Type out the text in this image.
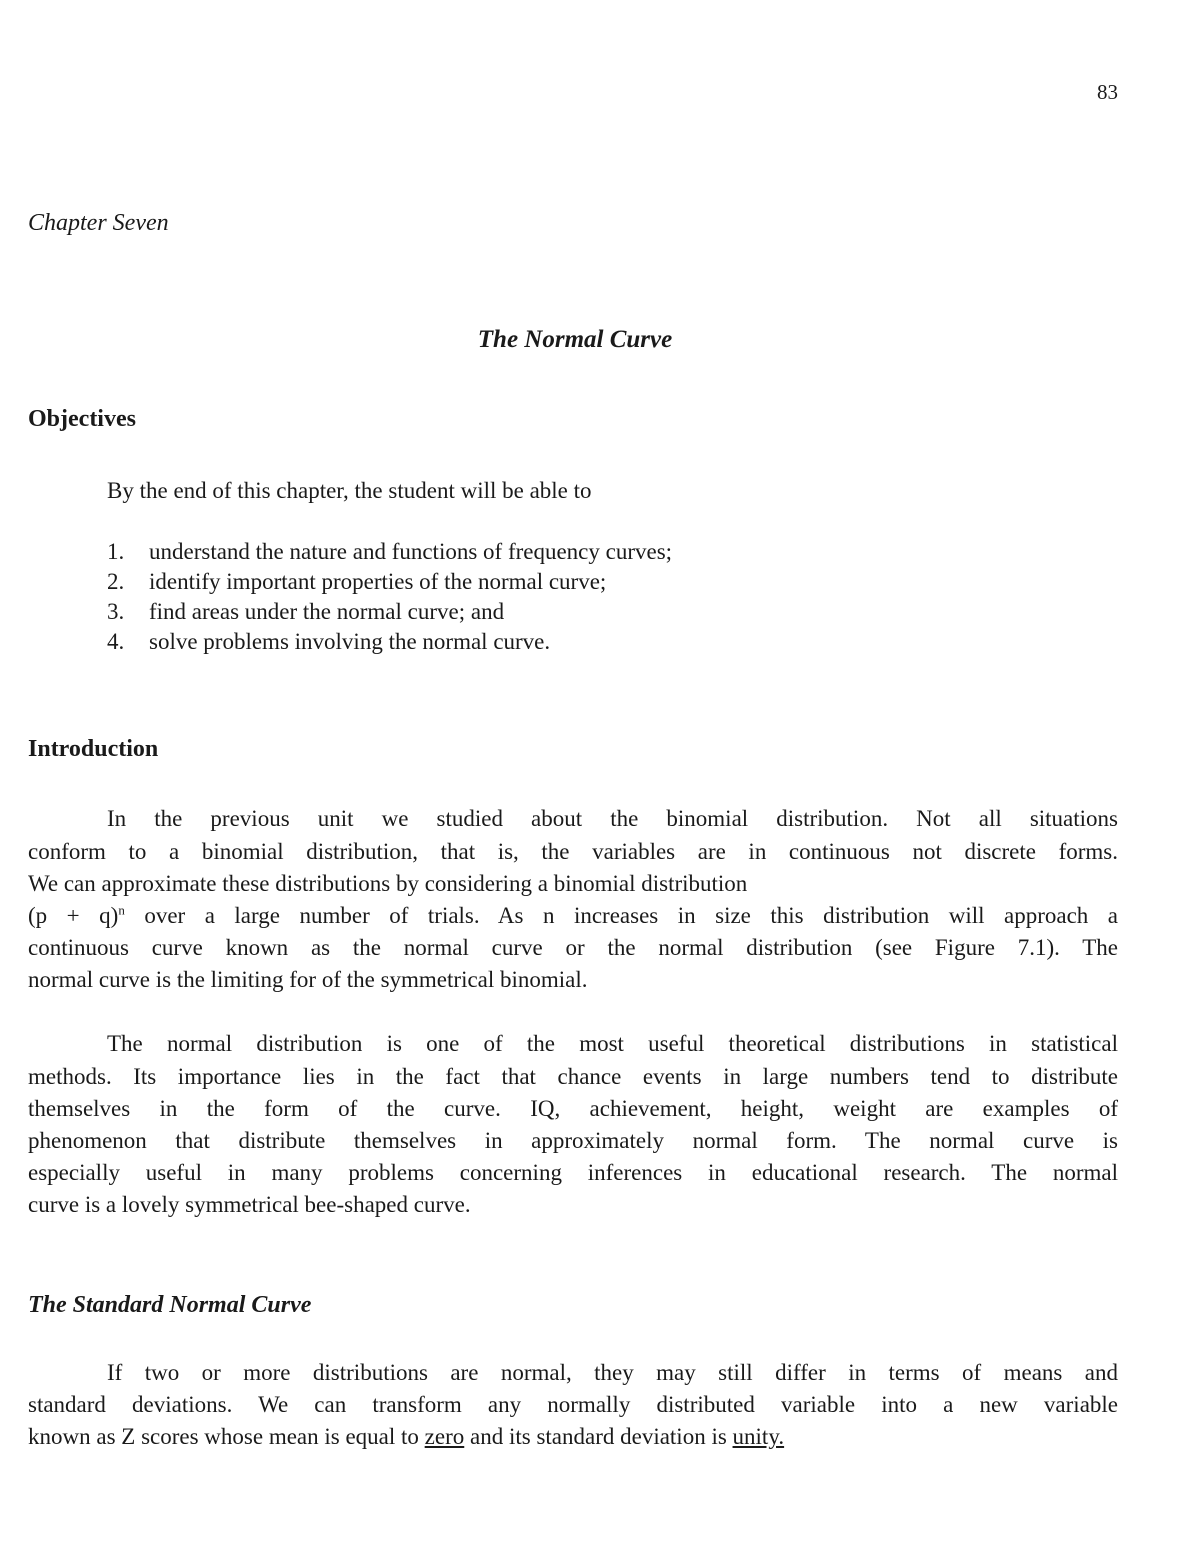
83
Chapter Seven
The Normal Curve
Objectives
By the end of this chapter, the student will be able to
1.	understand the nature and functions of frequency curves;
2.	identify important properties of the normal curve;
3.	find areas under the normal curve; and
4.	solve problems involving the normal curve.
Introduction
In the previous unit we studied about the binomial distribution. Not all situations
conform to a binomial distribution, that is, the variables are in continuous not discrete forms.
We can approximate these distributions by considering a binomial distribution
$(p + q)^n$ over a large number of trials. As n increases in size this distribution will approach a
continuous curve known as the normal curve or the normal distribution (see Figure 7.1). The
normal curve is the limiting for of the symmetrical binomial.
The normal distribution is one of the most useful theoretical distributions in statistical
methods. Its importance lies in the fact that chance events in large numbers tend to distribute
themselves in the form of the curve. IQ, achievement, height, weight are examples of
phenomenon that distribute themselves in approximately normal form. The normal curve is
especially useful in many problems concerning inferences in educational research. The normal
curve is a lovely symmetrical bee-shaped curve.
The Standard Normal Curve
If two or more distributions are normal, they may still differ in terms of means and
standard deviations. We can transform any normally distributed variable into a new variable
known as Z scores whose mean is equal to zero and its standard deviation is unity.
